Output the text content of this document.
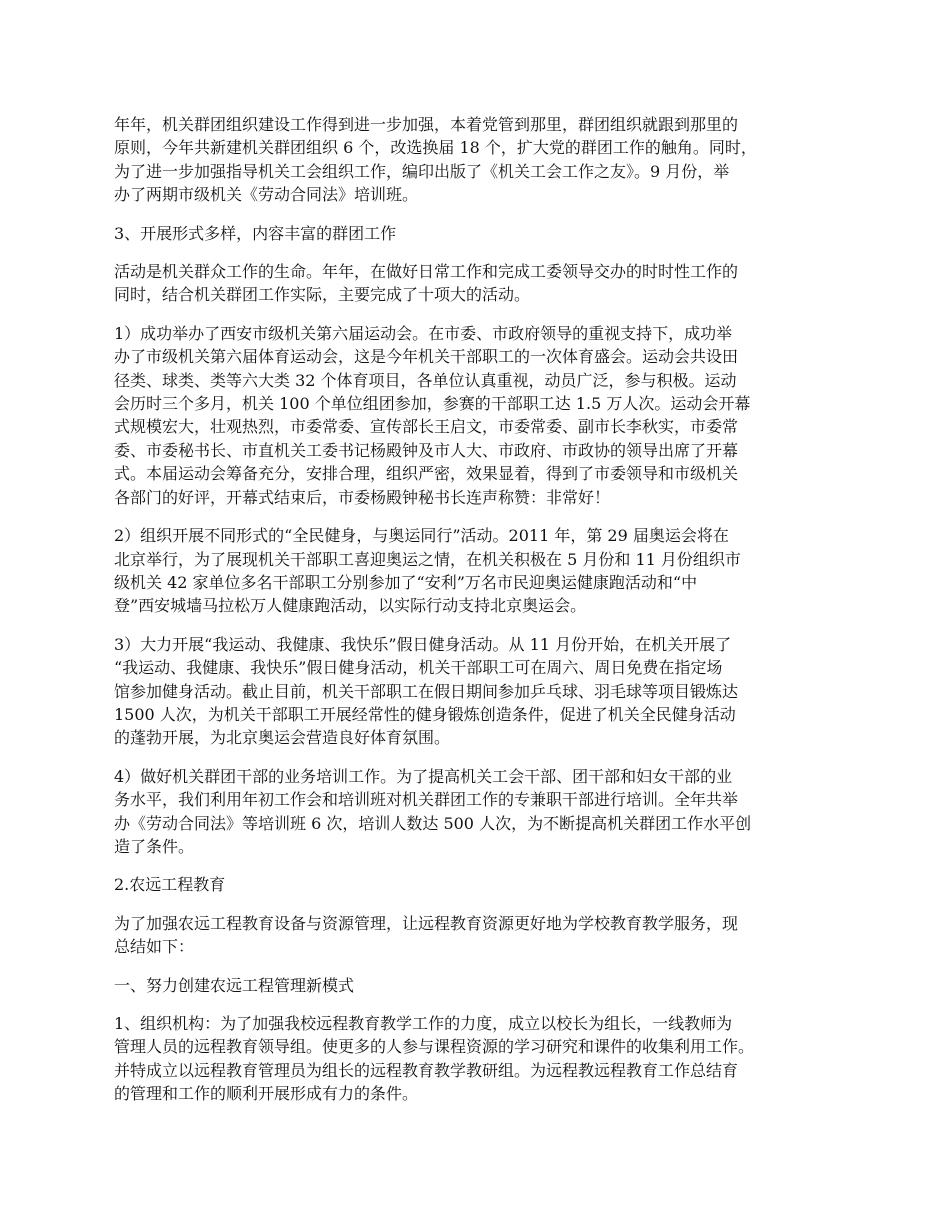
年年，机关群团组织建设工作得到进一步加强，本着党管到那里，群团组织就跟到那里的
原则，今年共新建机关群团组织 6 个，改选换届 18 个，扩大党的群团工作的触角。同时，
为了进一步加强指导机关工会组织工作，编印出版了《机关工会工作之友》。9 月份，举
办了两期市级机关《劳动合同法》培训班。

3、开展形式多样，内容丰富的群团工作

活动是机关群众工作的生命。年年，在做好日常工作和完成工委领导交办的时时性工作的
同时，结合机关群团工作实际，主要完成了十项大的活动。

1）成功举办了西安市级机关第六届运动会。在市委、市政府领导的重视支持下，成功举
办了市级机关第六届体育运动会，这是今年机关干部职工的一次体育盛会。运动会共设田
径类、球类、类等六大类 32 个体育项目，各单位认真重视，动员广泛，参与积极。运动
会历时三个多月，机关 100 个单位组团参加，参赛的干部职工达 1.5 万人次。运动会开幕
式规模宏大，壮观热烈，市委常委、宣传部长王启文，市委常委、副市长李秋实，市委常
委、市委秘书长、市直机关工委书记杨殿钟及市人大、市政府、市政协的领导出席了开幕
式。本届运动会筹备充分，安排合理，组织严密，效果显着，得到了市委领导和市级机关
各部门的好评，开幕式结束后，市委杨殿钟秘书长连声称赞：非常好！

2）组织开展不同形式的“全民健身，与奥运同行”活动。2011 年，第 29 届奥运会将在
北京举行，为了展现机关干部职工喜迎奥运之情，在机关积极在 5 月份和 11 月份组织市
级机关 42 家单位多名干部职工分别参加了“安利”万名市民迎奥运健康跑活动和“中
登”西安城墙马拉松万人健康跑活动，以实际行动支持北京奥运会。

3）大力开展“我运动、我健康、我快乐”假日健身活动。从 11 月份开始，在机关开展了
“我运动、我健康、我快乐”假日健身活动，机关干部职工可在周六、周日免费在指定场
馆参加健身活动。截止目前，机关干部职工在假日期间参加乒乓球、羽毛球等项目锻炼达
1500 人次，为机关干部职工开展经常性的健身锻炼创造条件，促进了机关全民健身活动
的蓬勃开展，为北京奥运会营造良好体育氛围。

4）做好机关群团干部的业务培训工作。为了提高机关工会干部、团干部和妇女干部的业
务水平，我们利用年初工作会和培训班对机关群团工作的专兼职干部进行培训。全年共举
办《劳动合同法》等培训班 6 次，培训人数达 500 人次，为不断提高机关群团工作水平创
造了条件。

2.农远工程教育

为了加强农远工程教育设备与资源管理，让远程教育资源更好地为学校教育教学服务，现
总结如下：

一、努力创建农远工程管理新模式

1、组织机构：为了加强我校远程教育教学工作的力度，成立以校长为组长，一线教师为
管理人员的远程教育领导组。使更多的人参与课程资源的学习研究和课件的收集利用工作。
并特成立以远程教育管理员为组长的远程教育教学教研组。为远程教远程教育工作总结育
的管理和工作的顺利开展形成有力的条件。
